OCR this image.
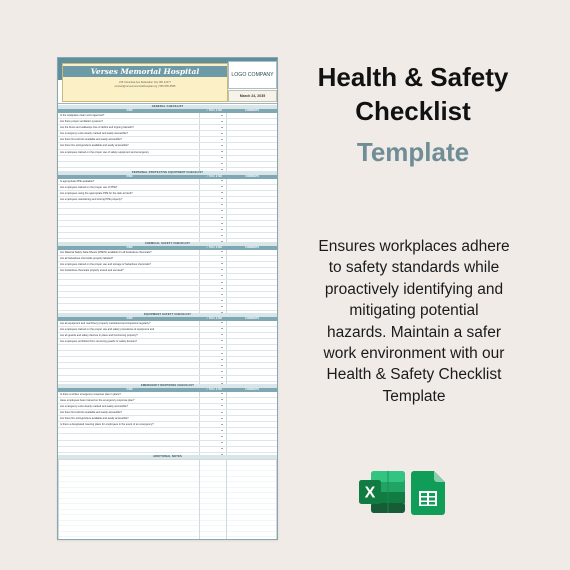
Verses Memorial Hospital
245 Columbia Ave Relaxation City, BR 12477
contact@versesmemorialhospital.org | 555-555-5555
LOGO COMPANY
March 24, 2035
GENERAL CHECKLIST
ITEM	✓ YES / ✗ NO	COMMENTS
Is the workplace clean and organized?
Are there proper ventilation systems?
Are the floors and walkways free of debris and tripping hazards?
Are emergency exits clearly marked and easily accessible?
Are there first aid kits available and easily accessible?
Are there fire extinguishers available and easily accessible?
Are employees trained on the proper use of safety equipment and emergency
PERSONAL PROTECTIVE EQUIPMENT CHECKLIST
ITEM	✓ YES / ✗ NO	COMMENTS
Is appropriate PPE available?
Are employees trained on the proper use of PPE?
Are employees using the appropriate PPE for the task at hand?
Are employees maintaining and storing PPE properly?
CHEMICAL SAFETY CHECKLIST
ITEM	✓ YES / ✗ NO	COMMENTS
Are Material Safety Data Sheets (MSDS) available for all hazardous chemicals?
Are all hazardous chemicals properly labeled?
Are employees trained on the proper use and storage of hazardous chemicals?
Are hazardous chemicals properly stored and secured?
EQUIPMENT SAFETY CHECKLIST
ITEM	✓ YES / ✗ NO	COMMENTS
Are all equipment and machinery properly maintained and inspected regularly?
Are employees trained on the proper use and safety procedures of equipment and
Are all guards and safety devices in place and functioning properly?
Are employees prohibited from removing guards or safety devices?
EMERGENCY RESPONSE CHECKLIST
ITEM	✓ YES / ✗ NO	COMMENTS
Is there a written emergency response plan in place?
Have employees been trained on the emergency response plan?
Are emergency exits clearly marked and easily accessible?
Are there first aid kits available and easily accessible?
Are there fire extinguishers available and easily accessible?
Is there a designated meeting place for employees in the event of an emergency?
ADDITIONAL NOTES
Health & Safety
Checklist
Template
Ensures workplaces adhere
to safety standards while
proactively identifying and
mitigating potential
hazards. Maintain a safer
work environment with our
Health & Safety Checklist
Template
X
